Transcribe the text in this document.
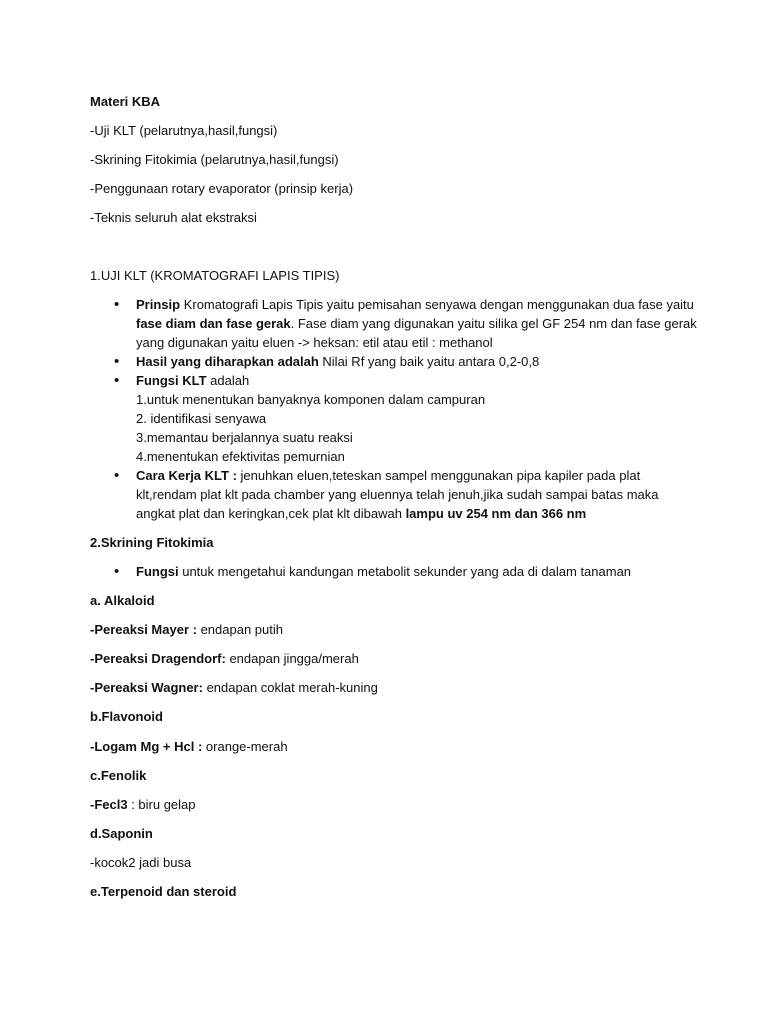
Materi KBA
-Uji KLT (pelarutnya,hasil,fungsi)
-Skrining Fitokimia (pelarutnya,hasil,fungsi)
-Penggunaan rotary evaporator (prinsip kerja)
-Teknis seluruh alat ekstraksi
1.UJI KLT (KROMATOGRAFI LAPIS TIPIS)
• Prinsip Kromatografi Lapis Tipis yaitu pemisahan senyawa dengan menggunakan dua fase yaitu
fase diam dan fase gerak. Fase diam yang digunakan yaitu silika gel GF 254 nm dan fase gerak
yang digunakan yaitu eluen -> heksan: etil atau etil : methanol
• Hasil yang diharapkan adalah Nilai Rf yang baik yaitu antara 0,2-0,8
• Fungsi KLT adalah
1.untuk menentukan banyaknya komponen dalam campuran
2. identifikasi senyawa
3.memantau berjalannya suatu reaksi
4.menentukan efektivitas pemurnian
• Cara Kerja KLT : jenuhkan eluen,teteskan sampel menggunakan pipa kapiler pada plat
klt,rendam plat klt pada chamber yang eluennya telah jenuh,jika sudah sampai batas maka
angkat plat dan keringkan,cek plat klt dibawah lampu uv 254 nm dan 366 nm
2.Skrining Fitokimia
• Fungsi untuk mengetahui kandungan metabolit sekunder yang ada di dalam tanaman
a. Alkaloid
-Pereaksi Mayer : endapan putih
-Pereaksi Dragendorf: endapan jingga/merah
-Pereaksi Wagner: endapan coklat merah-kuning
b.Flavonoid
-Logam Mg + Hcl : orange-merah
c.Fenolik
-Fecl3 : biru gelap
d.Saponin
-kocok2 jadi busa
e.Terpenoid dan steroid
